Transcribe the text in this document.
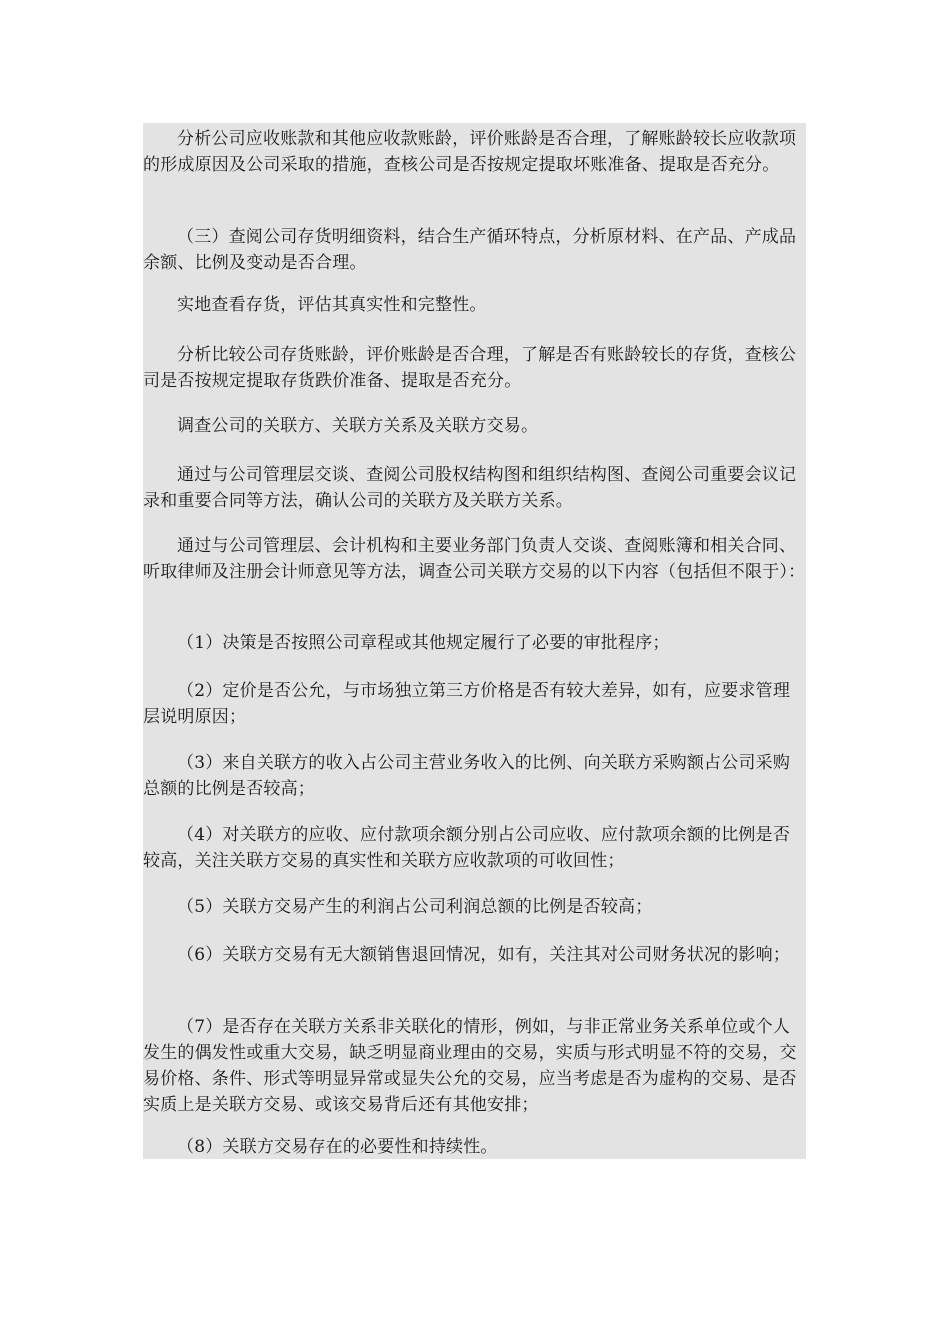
分析公司应收账款和其他应收款账龄，评价账龄是否合理，了解账龄较长应收款项的形成原因及公司采取的措施，查核公司是否按规定提取坏账准备、提取是否充分。

（三）查阅公司存货明细资料，结合生产循环特点，分析原材料、在产品、产成品余额、比例及变动是否合理。

实地查看存货，评估其真实性和完整性。

分析比较公司存货账龄，评价账龄是否合理，了解是否有账龄较长的存货，查核公司是否按规定提取存货跌价准备、提取是否充分。

调查公司的关联方、关联方关系及关联方交易。

通过与公司管理层交谈、查阅公司股权结构图和组织结构图、查阅公司重要会议记录和重要合同等方法，确认公司的关联方及关联方关系。

通过与公司管理层、会计机构和主要业务部门负责人交谈、查阅账簿和相关合同、听取律师及注册会计师意见等方法，调查公司关联方交易的以下内容（包括但不限于）：

（1）决策是否按照公司章程或其他规定履行了必要的审批程序；

（2）定价是否公允，与市场独立第三方价格是否有较大差异，如有，应要求管理层说明原因；

（3）来自关联方的收入占公司主营业务收入的比例、向关联方采购额占公司采购总额的比例是否较高；

（4）对关联方的应收、应付款项余额分别占公司应收、应付款项余额的比例是否较高，关注关联方交易的真实性和关联方应收款项的可收回性；

（5）关联方交易产生的利润占公司利润总额的比例是否较高；

（6）关联方交易有无大额销售退回情况，如有，关注其对公司财务状况的影响；

（7）是否存在关联方关系非关联化的情形，例如，与非正常业务关系单位或个人发生的偶发性或重大交易，缺乏明显商业理由的交易，实质与形式明显不符的交易，交易价格、条件、形式等明显异常或显失公允的交易，应当考虑是否为虚构的交易、是否实质上是关联方交易、或该交易背后还有其他安排；

（8）关联方交易存在的必要性和持续性。
